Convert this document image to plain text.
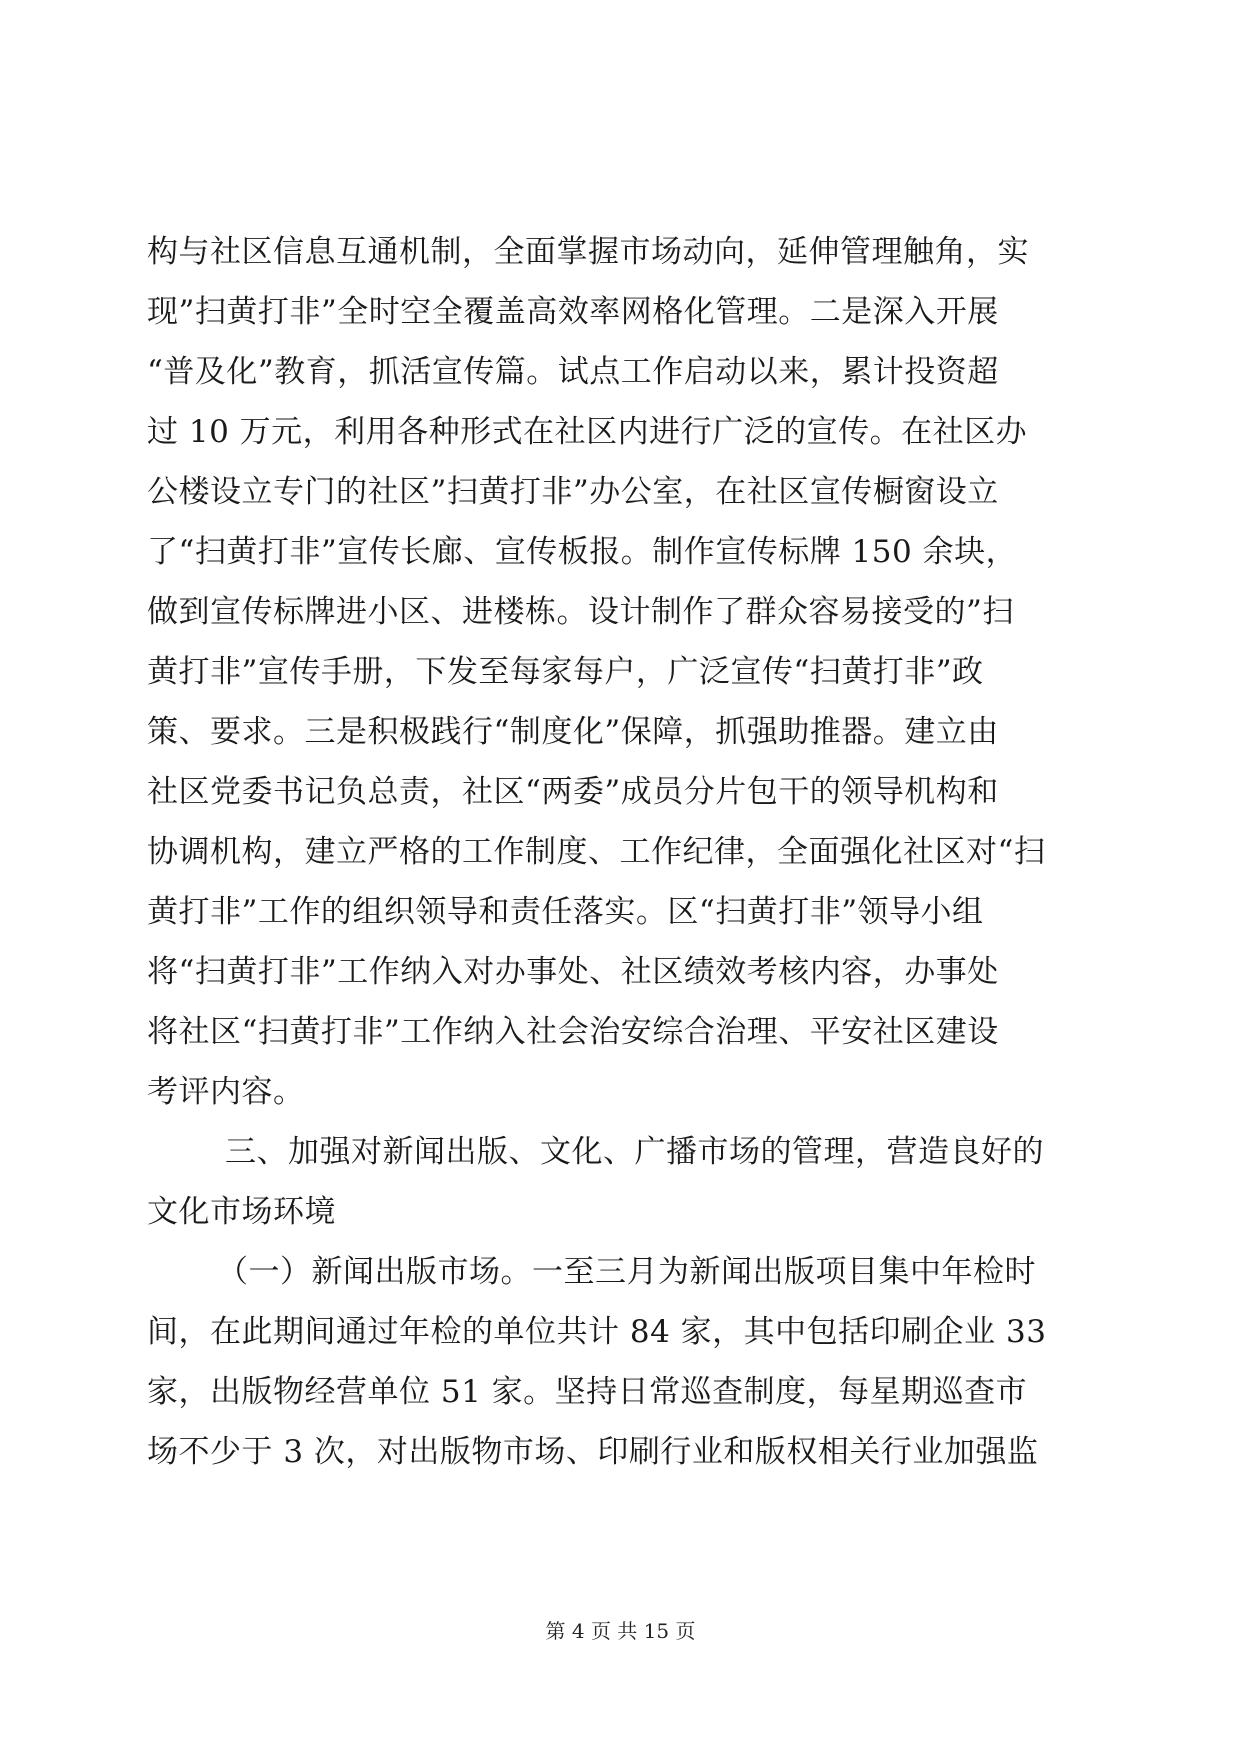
构与社区信息互通机制，全面掌握市场动向，延伸管理触角，实
现”扫黄打非”全时空全覆盖高效率网格化管理。二是深入开展
“普及化”教育，抓活宣传篇。试点工作启动以来，累计投资超
过 10 万元，利用各种形式在社区内进行广泛的宣传。在社区办
公楼设立专门的社区”扫黄打非”办公室，在社区宣传橱窗设立
了“扫黄打非”宣传长廊、宣传板报。制作宣传标牌 150 余块，
做到宣传标牌进小区、进楼栋。设计制作了群众容易接受的”扫
黄打非”宣传手册，下发至每家每户，广泛宣传“扫黄打非”政
策、要求。三是积极践行“制度化”保障，抓强助推器。建立由
社区党委书记负总责，社区“两委”成员分片包干的领导机构和
协调机构，建立严格的工作制度、工作纪律，全面强化社区对“扫
黄打非”工作的组织领导和责任落实。区“扫黄打非”领导小组
将“扫黄打非”工作纳入对办事处、社区绩效考核内容，办事处
将社区“扫黄打非”工作纳入社会治安综合治理、平安社区建设
考评内容。
三、加强对新闻出版、文化、广播市场的管理，营造良好的
文化市场环境
（一）新闻出版市场。一至三月为新闻出版项目集中年检时
间，在此期间通过年检的单位共计 84 家，其中包括印刷企业 33
家，出版物经营单位 51 家。坚持日常巡查制度，每星期巡查市
场不少于 3 次，对出版物市场、印刷行业和版权相关行业加强监
第 4 页 共 15 页
